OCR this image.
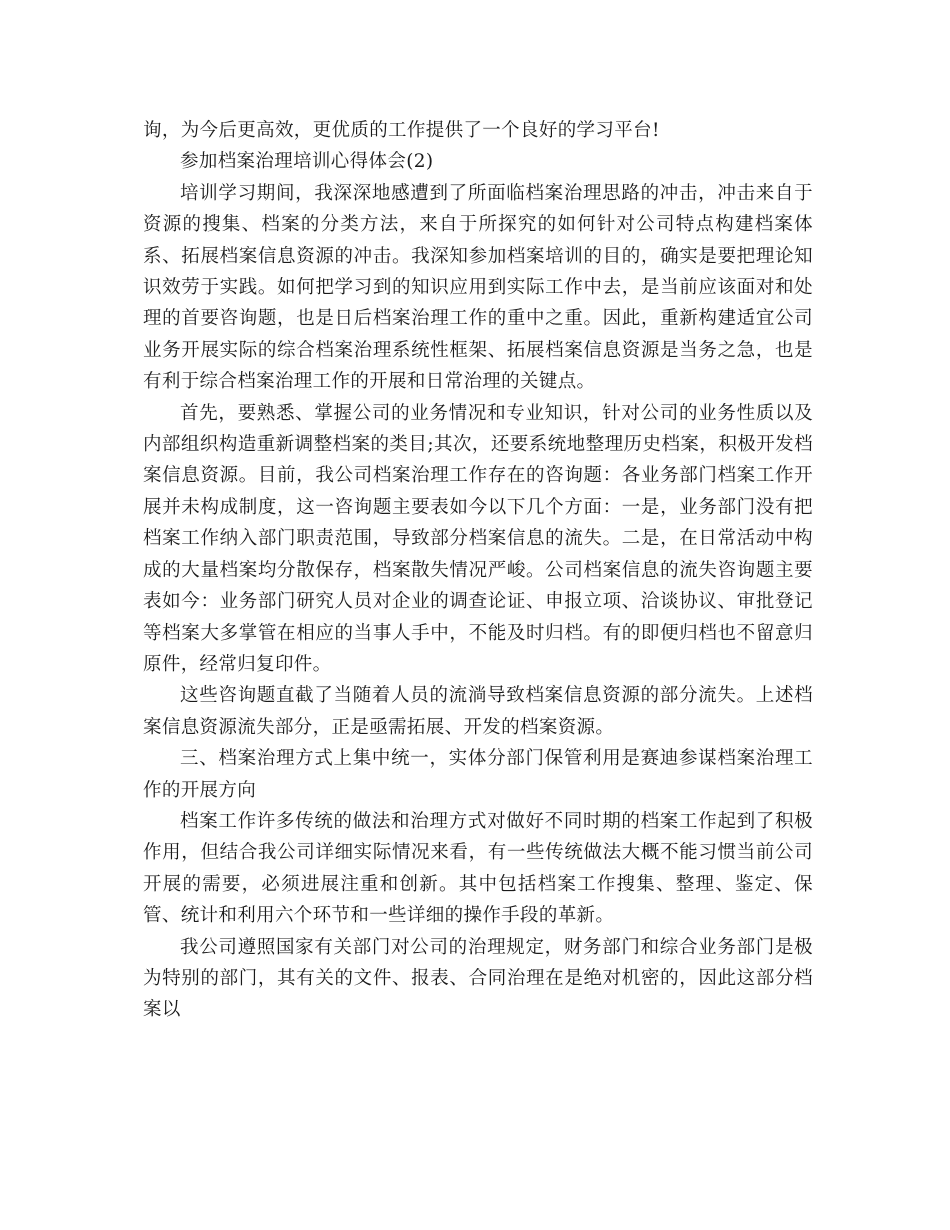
询，为今后更高效，更优质的工作提供了一个良好的学习平台!

参加档案治理培训心得体会(2)

培训学习期间，我深深地感遭到了所面临档案治理思路的冲击，冲击来自于资源的搜集、档案的分类方法，来自于所探究的如何针对公司特点构建档案体系、拓展档案信息资源的冲击。我深知参加档案培训的目的，确实是要把理论知识效劳于实践。如何把学习到的知识应用到实际工作中去，是当前应该面对和处理的首要咨询题，也是日后档案治理工作的重中之重。因此，重新构建适宜公司业务开展实际的综合档案治理系统性框架、拓展档案信息资源是当务之急，也是有利于综合档案治理工作的开展和日常治理的关键点。

首先，要熟悉、掌握公司的业务情况和专业知识，针对公司的业务性质以及内部组织构造重新调整档案的类目;其次，还要系统地整理历史档案，积极开发档案信息资源。目前，我公司档案治理工作存在的咨询题：各业务部门档案工作开展并未构成制度，这一咨询题主要表如今以下几个方面：一是，业务部门没有把档案工作纳入部门职责范围，导致部分档案信息的流失。二是，在日常活动中构成的大量档案均分散保存，档案散失情况严峻。公司档案信息的流失咨询题主要表如今：业务部门研究人员对企业的调查论证、申报立项、洽谈协议、审批登记等档案大多掌管在相应的当事人手中，不能及时归档。有的即便归档也不留意归原件，经常归复印件。

这些咨询题直截了当随着人员的流淌导致档案信息资源的部分流失。上述档案信息资源流失部分，正是亟需拓展、开发的档案资源。

三、档案治理方式上集中统一，实体分部门保管利用是赛迪参谋档案治理工作的开展方向

档案工作许多传统的做法和治理方式对做好不同时期的档案工作起到了积极作用，但结合我公司详细实际情况来看，有一些传统做法大概不能习惯当前公司开展的需要，必须进展注重和创新。其中包括档案工作搜集、整理、鉴定、保管、统计和利用六个环节和一些详细的操作手段的革新。

我公司遵照国家有关部门对公司的治理规定，财务部门和综合业务部门是极为特别的部门，其有关的文件、报表、合同治理在是绝对机密的，因此这部分档案以
